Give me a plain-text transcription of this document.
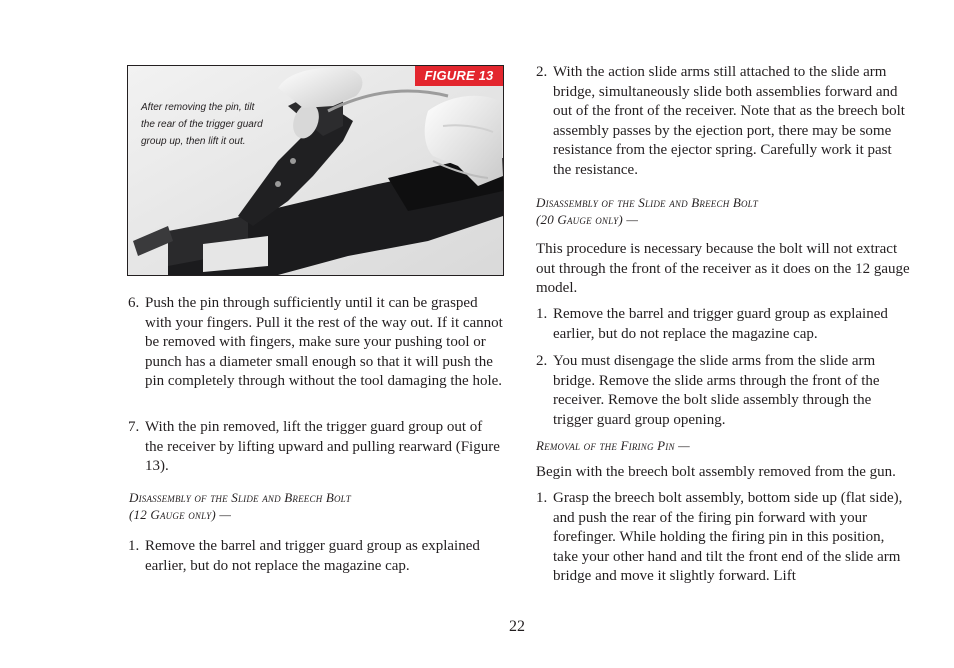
FIGURE 13
After removing the pin, tilt the rear of the trigger guard group up, then lift it out.
6. Push the pin through sufficiently until it can be grasped with your fingers. Pull it the rest of the way out. If it cannot be removed with fingers, make sure your pushing tool or punch has a diameter small enough so that it will push the pin completely through without the tool damaging the hole.
7. With the pin removed, lift the trigger guard group out of the receiver by lifting upward and pulling rearward (Figure 13).
Disassembly of the Slide and Breech Bolt
(12 Gauge only) —
1. Remove the barrel and trigger guard group as explained earlier, but do not replace the magazine cap.
2. With the action slide arms still attached to the slide arm bridge, simultaneously slide both assemblies forward and out of the front of the receiver. Note that as the breech bolt assembly passes by the ejection port, there may be some resistance from the ejector spring. Carefully work it past the resistance.
Disassembly of the Slide and Breech Bolt
(20 Gauge only) —
This procedure is necessary because the bolt will not extract out through the front of the receiver as it does on the 12 gauge model.
1. Remove the barrel and trigger guard group as explained earlier, but do not replace the magazine cap.
2. You must disengage the slide arms from the slide arm bridge. Remove the slide arms through the front of the receiver. Remove the bolt slide assembly through the trigger guard group opening.
Removal of the Firing Pin —
Begin with the breech bolt assembly removed from the gun.
1. Grasp the breech bolt assembly, bottom side up (flat side), and push the rear of the firing pin forward with your forefinger. While holding the firing pin in this position, take your other hand and tilt the front end of the slide arm bridge and move it slightly forward. Lift
22
